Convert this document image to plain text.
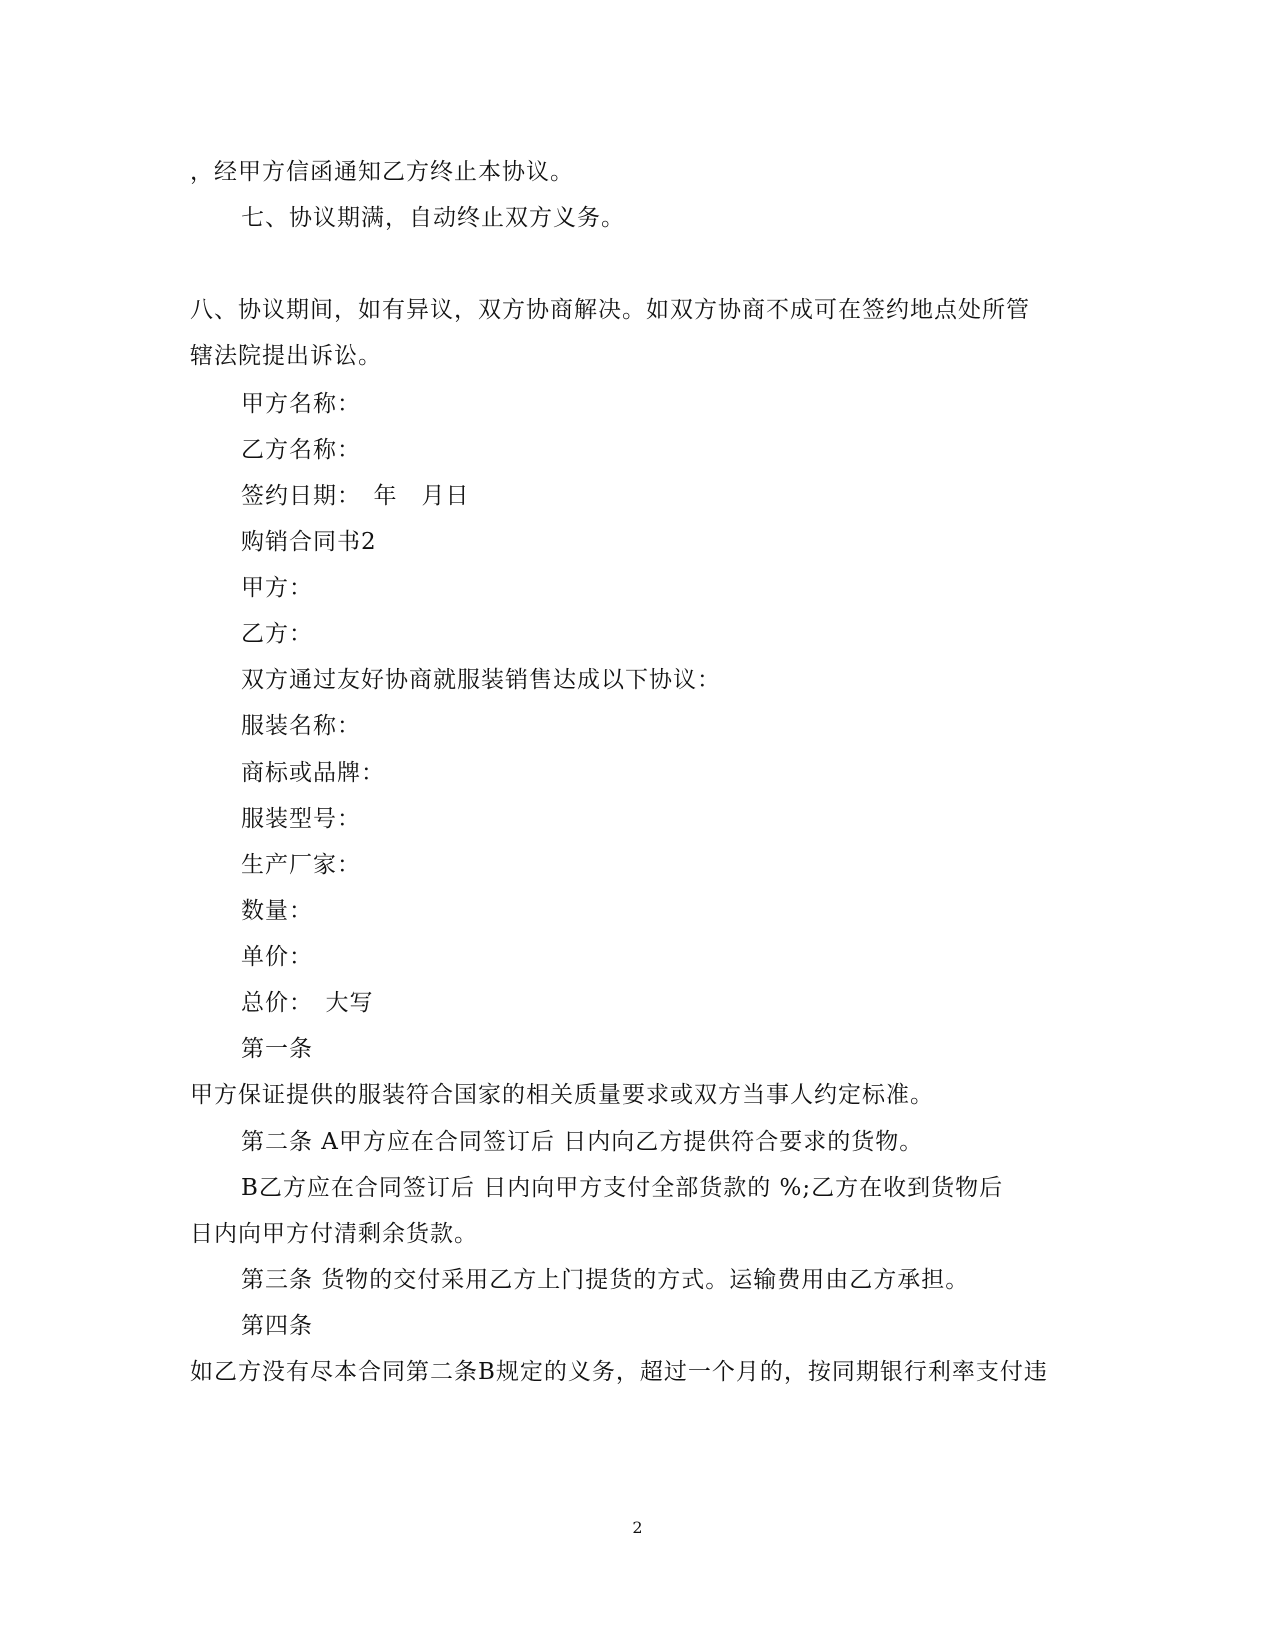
，经甲方信函通知乙方终止本协议。
七、协议期满，自动终止双方义务。
八、协议期间，如有异议，双方协商解决。如双方协商不成可在签约地点处所管
辖法院提出诉讼。
甲方名称：
乙方名称：
签约日期：　年　月日
购销合同书2
甲方：
乙方：
双方通过友好协商就服装销售达成以下协议：
服装名称：
商标或品牌：
服装型号：
生产厂家：
数量：
单价：
总价：　大写
第一条
甲方保证提供的服装符合国家的相关质量要求或双方当事人约定标准。
第二条 A甲方应在合同签订后 日内向乙方提供符合要求的货物。
B乙方应在合同签订后 日内向甲方支付全部货款的 %;乙方在收到货物后
日内向甲方付清剩余货款。
第三条 货物的交付采用乙方上门提货的方式。运输费用由乙方承担。
第四条
如乙方没有尽本合同第二条B规定的义务，超过一个月的，按同期银行利率支付违
2
